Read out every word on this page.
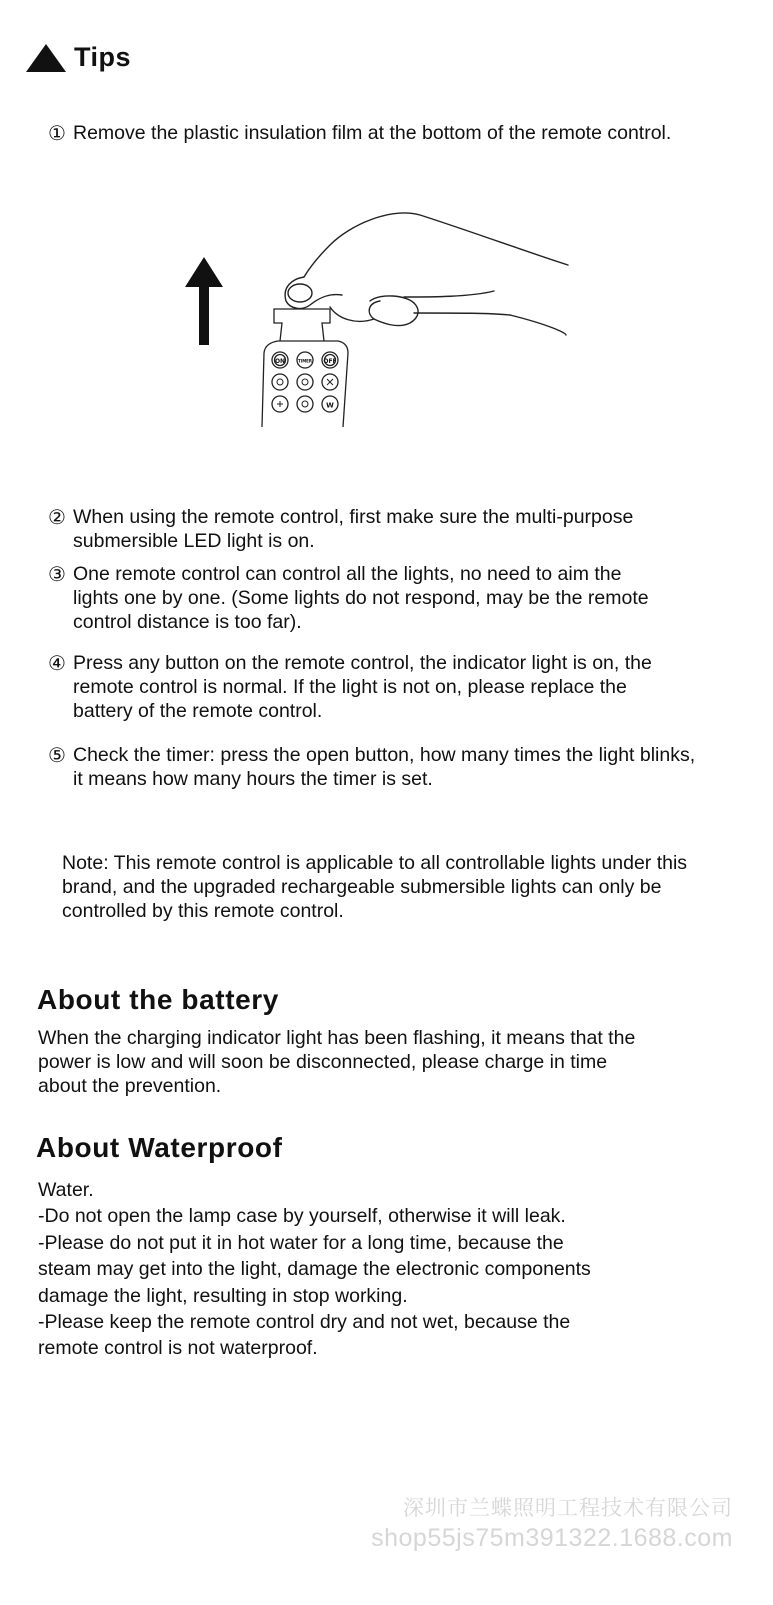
Tips
① Remove the plastic insulation film at the bottom of the remote control.
ON	TIMER OFF
W
② When using the remote control, first make sure the multi-purpose
submersible LED light is on.
③ One remote control can control all the lights, no need to aim the
lights one by one. (Some lights do not respond, may be the remote
control distance is too far).
④ Press any button on the remote control, the indicator light is on, the
remote control is normal. If the light is not on, please replace the
battery of the remote control.
⑤ Check the timer: press the open button, how many times the light blinks,
it means how many hours the timer is set.
Note: This remote control is applicable to all controllable lights under this
brand, and the upgraded rechargeable submersible lights can only be
controlled by this remote control.
About the battery
When the charging indicator light has been flashing, it means that the
power is low and will soon be disconnected, please charge in time
about the prevention.
About Waterproof
Water.
-Do not open the lamp case by yourself, otherwise it will leak.
-Please do not put it in hot water for a long time, because the
steam may get into the light, damage the electronic components
damage the light, resulting in stop working.
-Please keep the remote control dry and not wet, because the
remote control is not waterproof.
深圳市兰蝶照明工程技术有限公司
shop55js75m391322.1688.com
